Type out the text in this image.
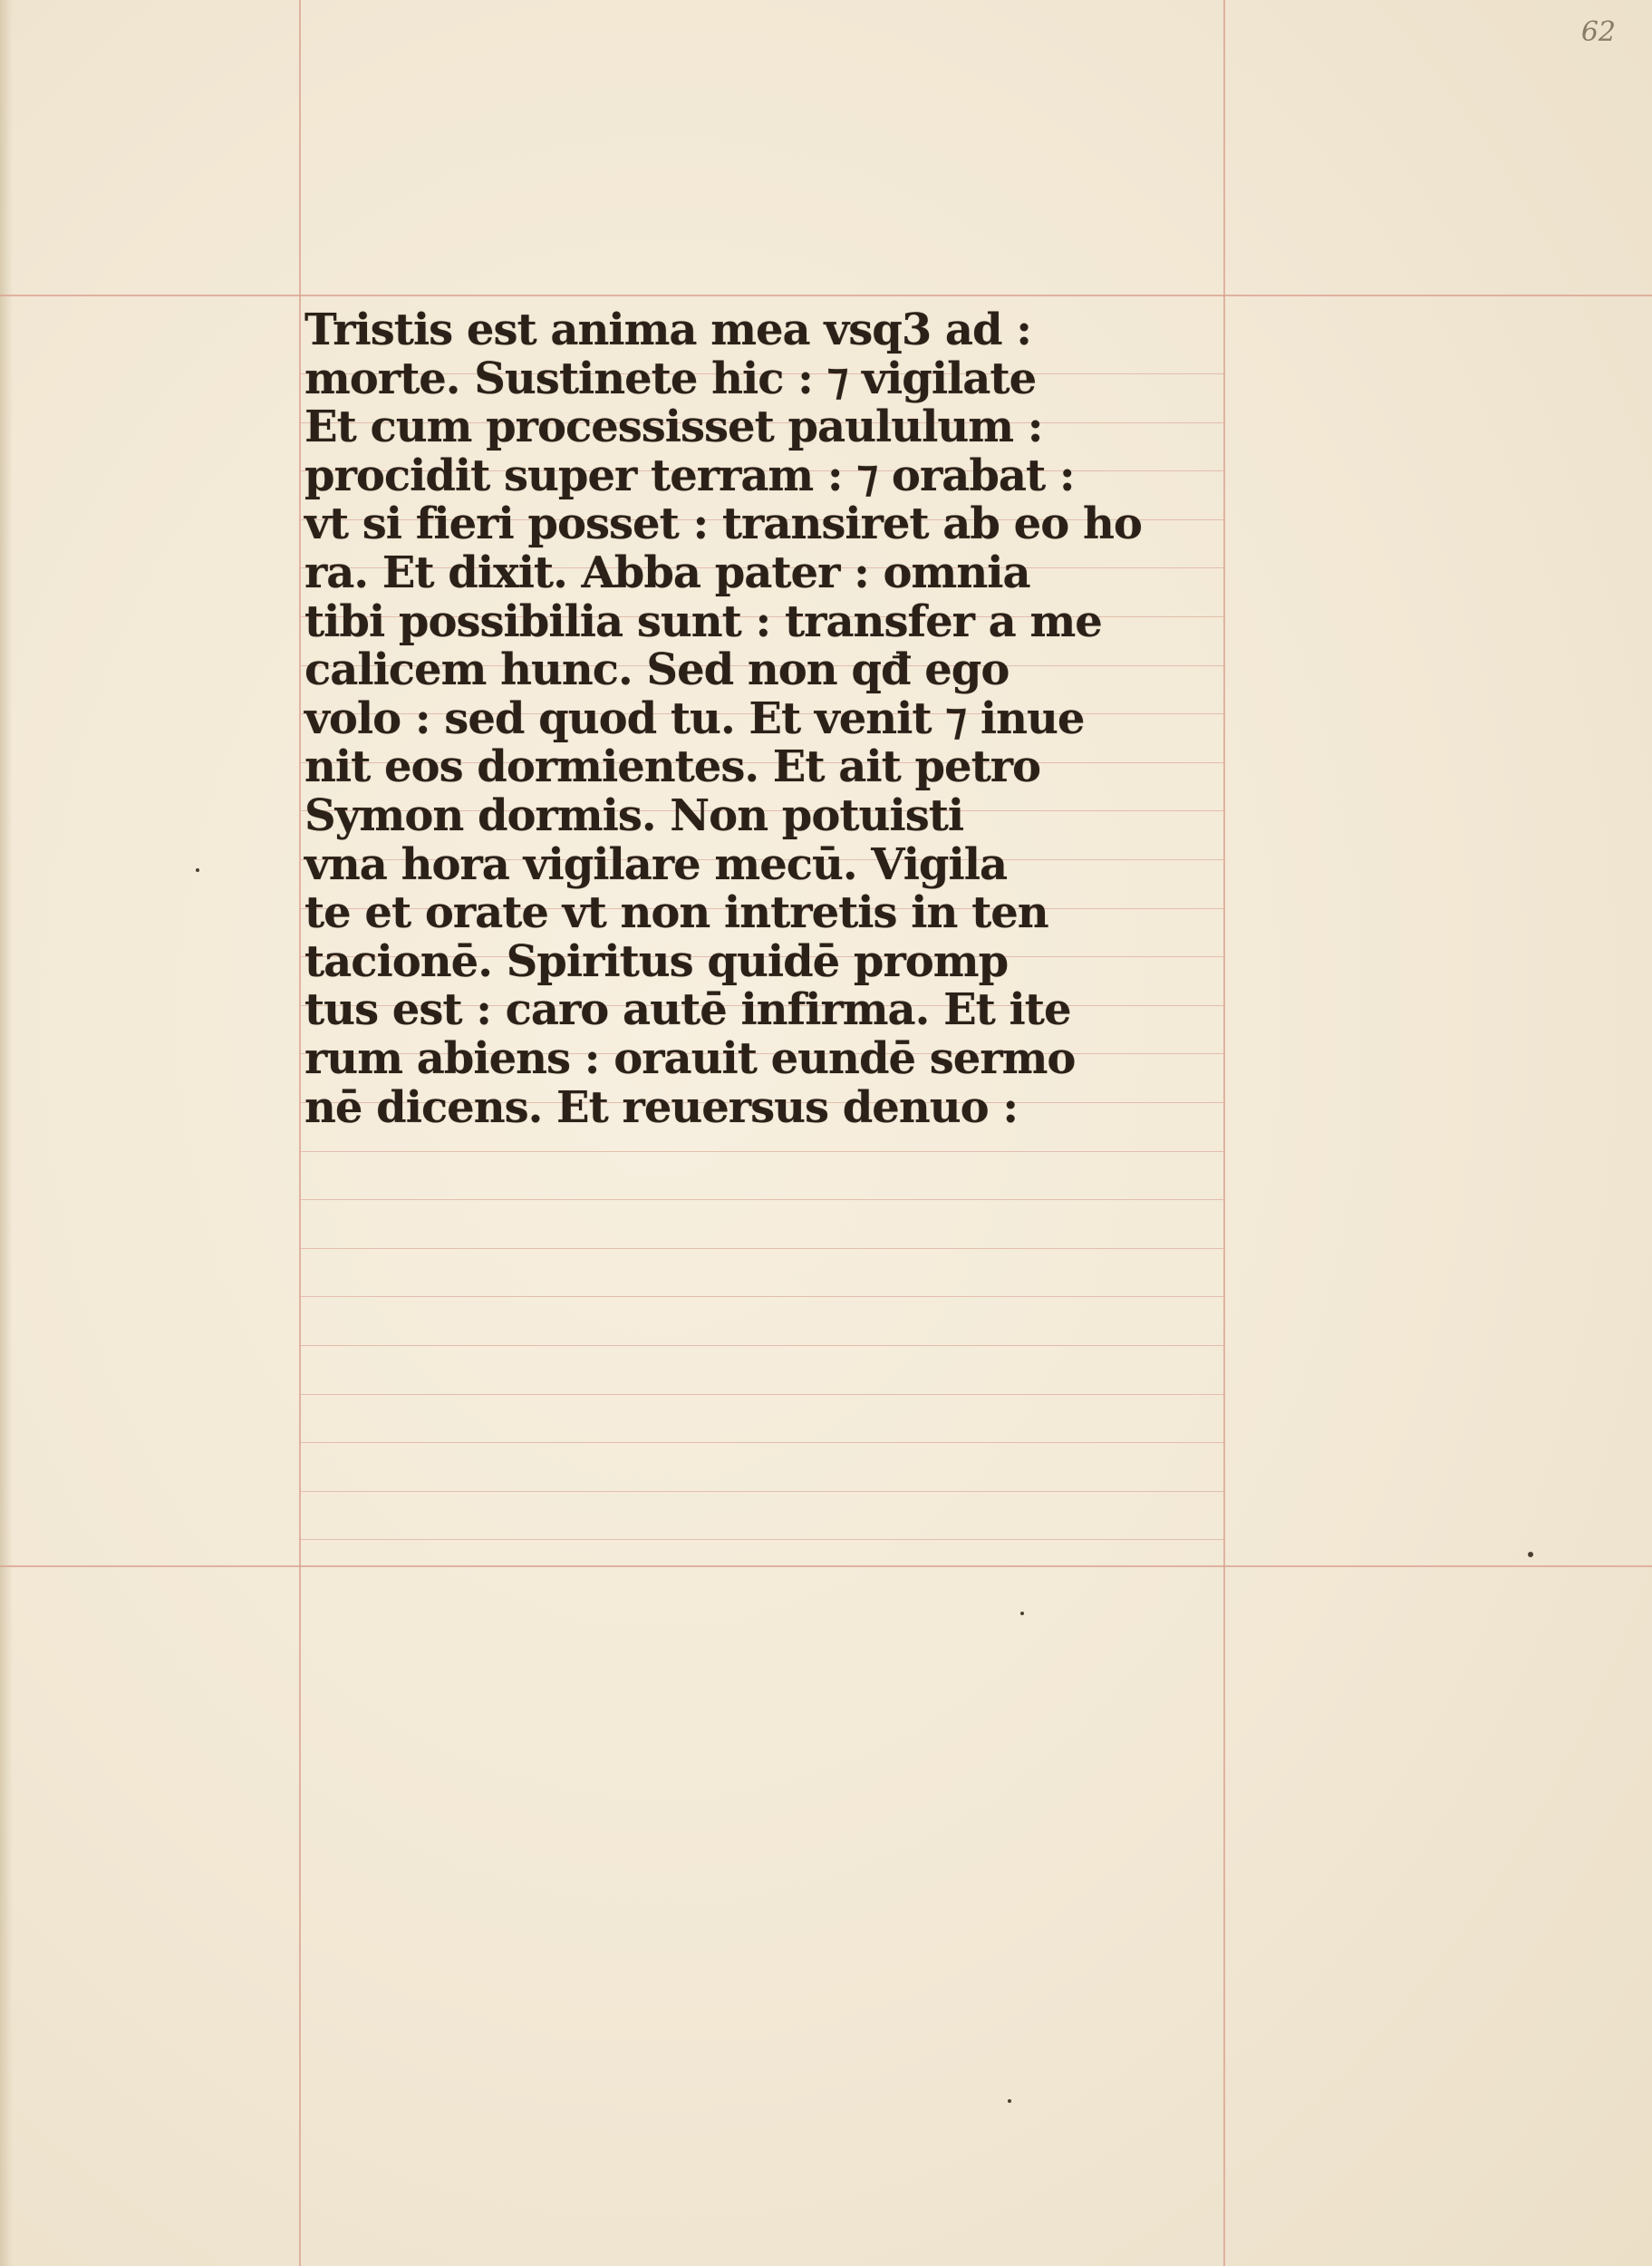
62
Tristis est anima mea vsq3 ad :
morte. Sustinete hic : ⁊ vigilate
Et cum processisset paululum :
procidit super terram : ⁊ orabat :
vt si fieri posset : transiret ab eo ho
ra. Et dixit. Abba pater : omnia
tibi possibilia sunt : transfer a me
calicem hunc. Sed non qđ ego
volo : sed quod tu. Et venit ⁊ inue
nit eos dormientes. Et ait petro
Symon dormis. Non potuisti
vna hora vigilare mecū. Vigila
te et orate vt non intretis in ten
tacionē. Spiritus quidē promp
tus est : caro autē infirma. Et ite
rum abiens : orauit eundē sermo
nē dicens. Et reuersus denuo :
